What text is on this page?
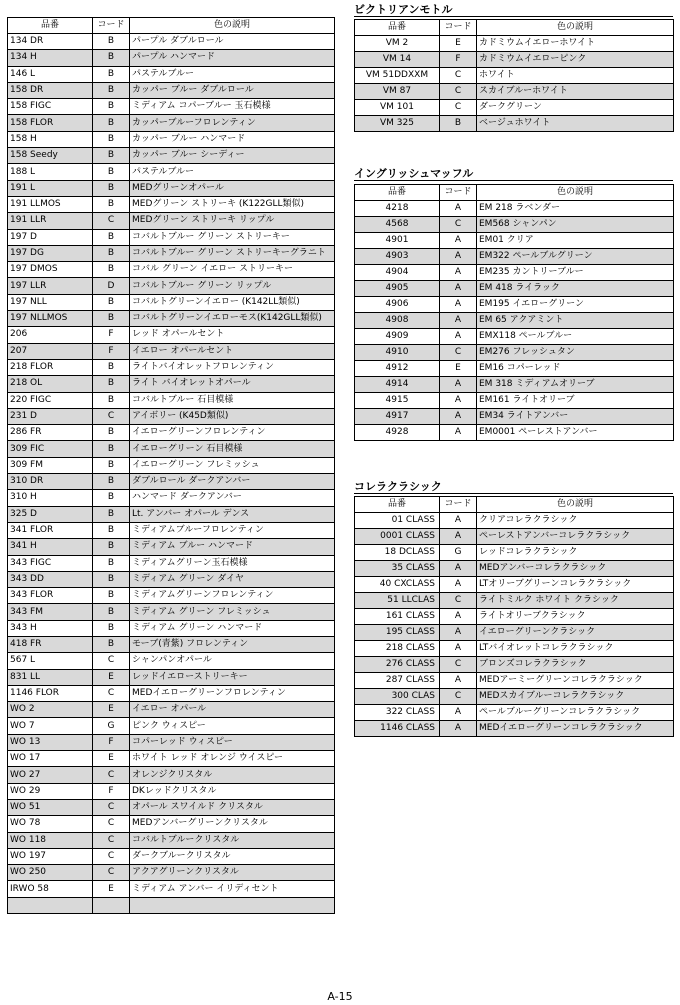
品番	コード	色の説明
134 DR	B	パープル ダブルロール
134 H	B	パープル ハンマード
146 L	B	パステルブルー
158 DR	B	カッパー ブルー ダブルロール
158 FIGC	B	ミディアム コパーブルー 玉石模様
158 FLOR	B	カッパーブルーフロレンティン
158 H	B	カッパー ブルー ハンマード
158 Seedy	B	カッパー ブルー シーディー
188 L	B	パステルブルー
191 L	B	MEDグリーンオパール
191 LLMOS	B	MEDグリーン ストリーキ (K122GLL類似)
191 LLR	C	MEDグリーン ストリーキ リップル
197 D	B	コバルトブルー グリーン ストリーキー
197 DG	B	コバルトブルー グリーン ストリーキーグラニト
197 DMOS	B	コバル グリーン イエロー ストリーキー
197 LLR	D	コバルトブルー グリーン リップル
197 NLL	B	コバルトグリーンイエロー (K142LL類似)
197 NLLMOS	B	コバルトグリーンイエローモス(K142GLL類似)
206	F	レッド オパールセント
207	F	イエロー オパールセント
218 FLOR	B	ライトバイオレットフロレンティン
218 OL	B	ライト バイオレットオパール
220 FIGC	B	コバルトブルー 石目模様
231 D	C	アイボリー (K45D類似)
286 FR	B	イエローグリーンフロレンティン
309 FIC	B	イエローグリーン 石目模様
309 FM	B	イエローグリーン フレミッシュ
310 DR	B	ダブルロール ダークアンバー
310 H	B	ハンマード ダークアンバー
325 D	B	Lt. アンバー オパール デンス
341 FLOR	B	ミディアムブルーフロレンティン
341 H	B	ミディアム ブルー ハンマード
343 FIGC	B	ミディアムグリーン玉石模様
343 DD	B	ミディアム グリーン ダイヤ
343 FLOR	B	ミディアムグリーンフロレンティン
343 FM	B	ミディアム グリーン フレミッシュ
343 H	B	ミディアム グリーン ハンマード
418 FR	B	モーブ(青紫) フロレンティン
567 L	C	シャンパンオパール
831 LL	E	レッドイエローストリーキー
1146 FLOR	C	MEDイエローグリーンフロレンティン
WO 2	E	イエロー オパール
WO 7	G	ピンク ウィスピー
WO 13	F	コパーレッド ウィスピー
WO 17	E	ホワイト レッド オレンジ ウイスピー
WO 27	C	オレンジクリスタル
WO 29	F	DKレッドクリスタル
WO 51	C	オパール スワイルド クリスタル
WO 78	C	MEDアンバーグリーンクリスタル
WO 118	C	コバルトブルークリスタル
WO 197	C	ダークブルークリスタル
WO 250	C	アクアグリーンクリスタル
IRWO 58	E	ミディアム アンバー イリディセント

ビクトリアンモトル
品番	コード	色の説明
VM 2	E	カドミウムイエローホワイト
VM 14	F	カドミウムイエローピンク
VM 51DDXXM	C	ホワイト
VM 87	C	スカイブルーホワイト
VM 101	C	ダークグリーン
VM 325	B	ベージュホワイト
イングリッシュマッフル
品番	コード	色の説明
4218	A	EM 218 ラベンダー
4568	C	EM568 シャンパン
4901	A	EM01 クリア
4903	A	EM322 ペールブルグリーン
4904	A	EM235 カントリーブルー
4905	A	EM 418 ライラック
4906	A	EM195 イエローグリーン
4908	A	EM 65 アクアミント
4909	A	EMX118 ペールブルー
4910	C	EM276 フレッシュタン
4912	E	EM16 コパーレッド
4914	A	EM 318 ミディアムオリーブ
4915	A	EM161 ライトオリーブ
4917	A	EM34 ライトアンバー
4928	A	EM0001 ペーレストアンバー
コレラクラシック
品番	コード	色の説明
01 CLASS	A	クリアコレラクラシック
0001 CLASS	A	ペーレストアンバーコレラクラシック
18 DCLASS	G	レッドコレラクラシック
35 CLASS	A	MEDアンバーコレラクラシック
40 CXCLASS	A	LTオリーブグリーンコレラクラシック
51 LLCLAS	C	ライトミルク ホワイト クラシック
161 CLASS	A	ライトオリーブクラシック
195 CLASS	A	イエローグリーンクラシック
218 CLASS	A	LTバイオレットコレラクラシック
276 CLASS	C	ブロンズコレラクラシック
287 CLASS	A	MEDアーミーグリーンコレラクラシック
300 CLAS	C	MEDスカイブルーコレラクラシック
322 CLASS	A	ペールブルーグリーンコレラクラシック
1146 CLASS	A	MEDイエローグリーンコレラクラシック
A-15
